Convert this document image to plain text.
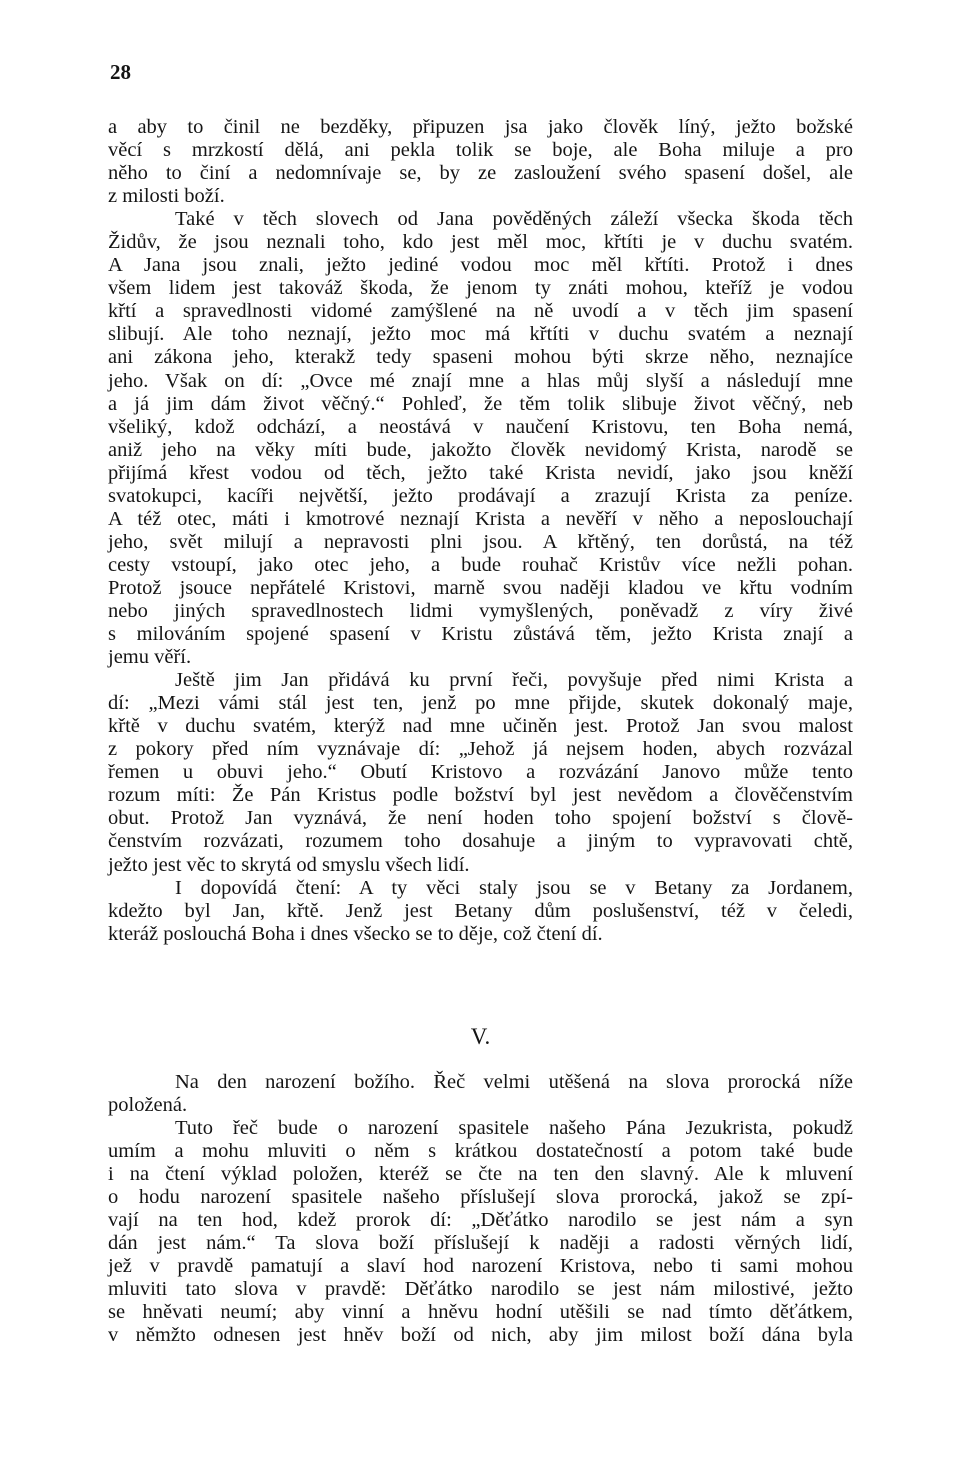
28
a aby to činil ne bezděky, připuzen jsa jako člověk líný, ježto božské
věcí s mrzkostí dělá, ani pekla tolik se boje, ale Boha miluje a pro
něho to činí a nedomnívaje se, by ze zasloužení svého spasení došel, ale
z milosti boží.
Také v těch slovech od Jana pověděných záleží všecka škoda těch
Židův, že jsou neznali toho, kdo jest měl moc, křtíti je v duchu svatém.
A Jana jsou znali, ježto jediné vodou moc měl křtíti. Protož i dnes
všem lidem jest takováž škoda, že jenom ty znáti mohou, kteříž je vodou
křtí a spravedlnosti vidomé zamýšlené na ně uvodí a v těch jim spasení
slibují. Ale toho neznají, ježto moc má křtíti v duchu svatém a neznají
ani zákona jeho, kterakž tedy spaseni mohou býti skrze něho, neznajíce
jeho. Však on dí: „Ovce mé znají mne a hlas můj slyší a následují mne
a já jim dám život věčný.“ Pohleď, že těm tolik slibuje život věčný, neb
všeliký, kdož odchází, a neostává v naučení Kristovu, ten Boha nemá,
aniž jeho na věky míti bude, jakožto člověk nevidomý Krista, narodě se
přijímá křest vodou od těch, ježto také Krista nevidí, jako jsou kněží
svatokupci, kacíři největší, ježto prodávají a zrazují Krista za peníze.
A též otec, máti i kmotrové neznají Krista a nevěří v něho a neposlouchají
jeho, svět milují a nepravosti plni jsou. A křtěný, ten dorůstá, na též
cesty vstoupí, jako otec jeho, a bude rouhač Kristův více nežli pohan.
Protož jsouce nepřátelé Kristovi, marně svou naději kladou ve křtu vodním
nebo jiných spravedlnostech lidmi vymyšlených, poněvadž z víry živé
s milováním spojené spasení v Kristu zůstává těm, ježto Krista znají a
jemu věří.
Ještě jim Jan přidává ku první řeči, povyšuje před nimi Krista a
dí: „Mezi vámi stál jest ten, jenž po mne přijde, skutek dokonalý maje,
křtě v duchu svatém, kterýž nad mne učiněn jest. Protož Jan svou malost
z pokory před ním vyznávaje dí: „Jehož já nejsem hoden, abych rozvázal
řemen u obuvi jeho.“ Obutí Kristovo a rozvázání Janovo může tento
rozum míti: Že Pán Kristus podle božství byl jest nevědom a člověčenstvím
obut. Protož Jan vyznává, že není hoden toho spojení božství s člově-
čenstvím rozvázati, rozumem toho dosahuje a jiným to vypravovati chtě,
ježto jest věc to skrytá od smyslu všech lidí.
I dopovídá čtení: A ty věci staly jsou se v Betany za Jordanem,
kdežto byl Jan, křtě. Jenž jest Betany dům poslušenství, též v čeledi,
kteráž poslouchá Boha i dnes všecko se to děje, což čtení dí.
V.
Na den narození božího. Řeč velmi utěšená na slova prorocká níže
položená.
Tuto řeč bude o narození spasitele našeho Pána Jezukrista, pokudž
umím a mohu mluviti o něm s krátkou dostatečností a potom také bude
i na čtení výklad položen, kteréž se čte na ten den slavný. Ale k mluvení
o hodu narození spasitele našeho příslušejí slova prorocká, jakož se zpí-
vají na ten hod, kdež prorok dí: „Děťátko narodilo se jest nám a syn
dán jest nám.“ Ta slova boží příslušejí k naději a radosti věrných lidí,
jež v pravdě pamatují a slaví hod narození Kristova, nebo ti sami mohou
mluviti tato slova v pravdě: Děťátko narodilo se jest nám milostivé, ježto
se hněvati neumí; aby vinní a hněvu hodní utěšili se nad tímto děťátkem,
v němžto odnesen jest hněv boží od nich, aby jim milost boží dána byla
